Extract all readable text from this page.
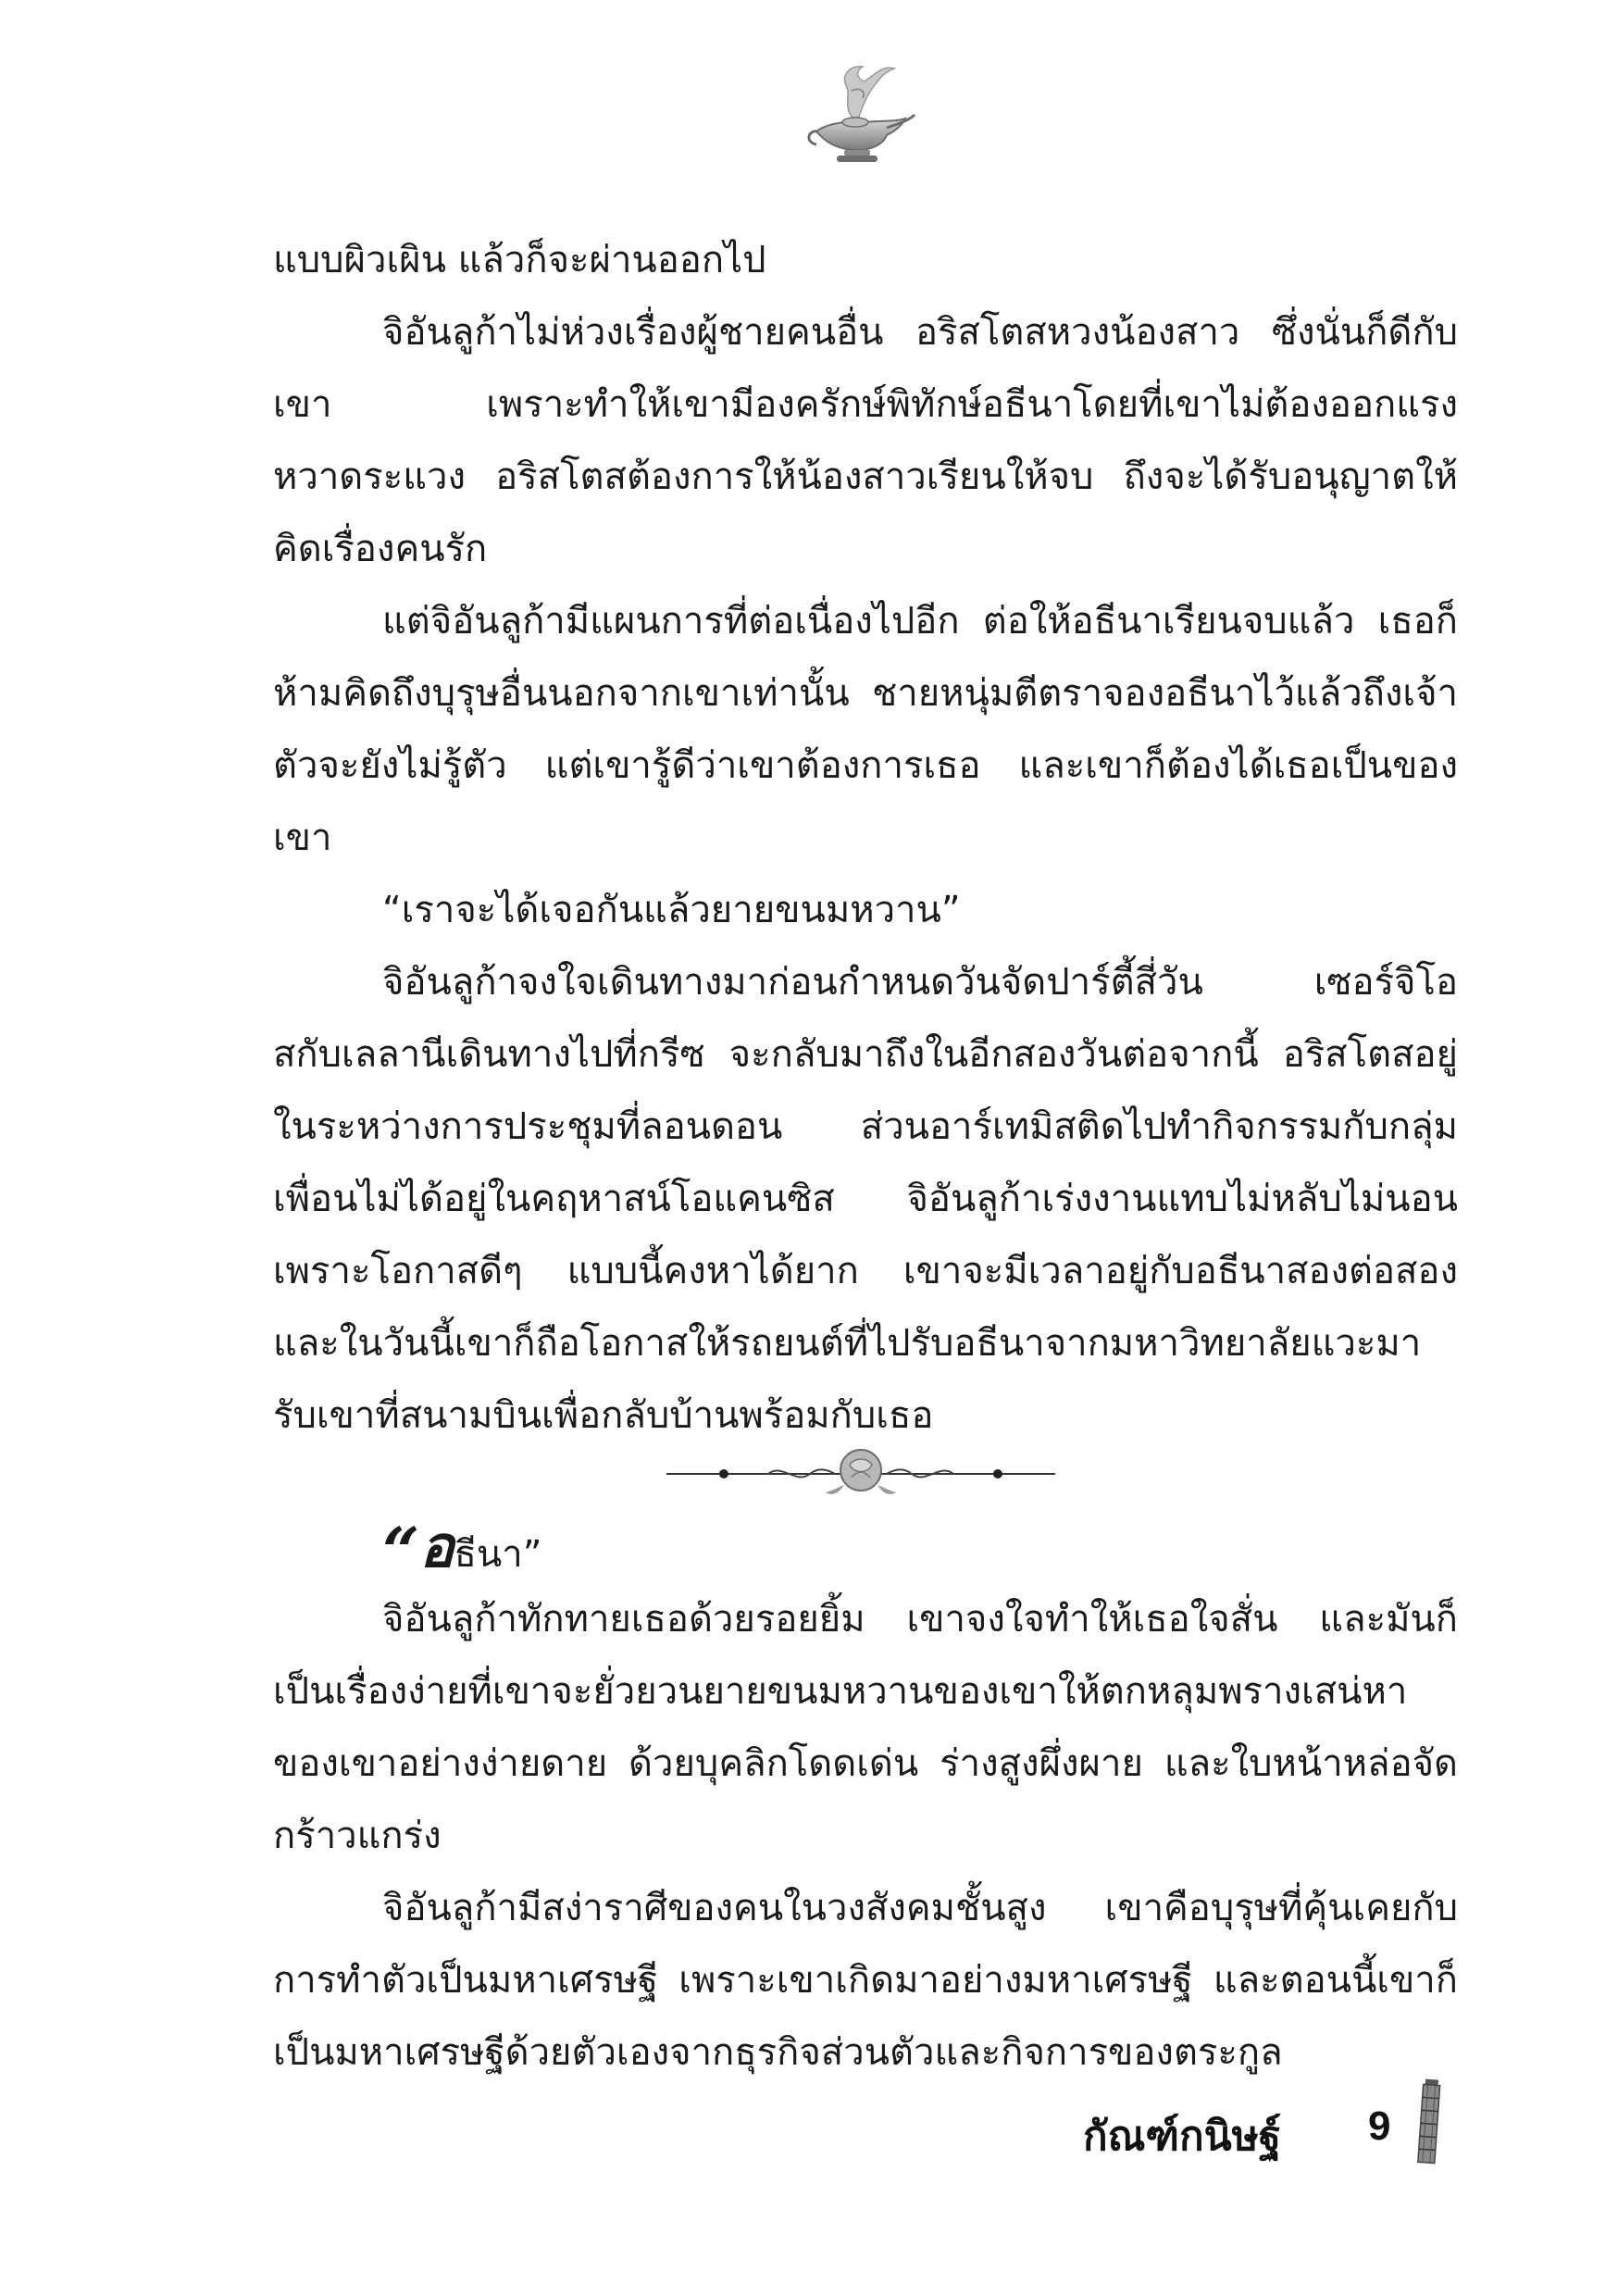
แบบผิวเผิน แล้วก็จะผ่านออกไป

จิอันลูก้าไม่ห่วงเรื่องผู้ชายคนอื่น อริสโตสหวงน้องสาว ซึ่งนั่นก็ดีกับเขา เพราะทำให้เขามีองครักษ์พิทักษ์อธีนาโดยที่เขาไม่ต้องออกแรงหวาดระแวง อริสโตสต้องการให้น้องสาวเรียนให้จบ ถึงจะได้รับอนุญาตให้คิดเรื่องคนรัก

แต่จิอันลูก้ามีแผนการที่ต่อเนื่องไปอีก ต่อให้อธีนาเรียนจบแล้ว เธอก็ห้ามคิดถึงบุรุษอื่นนอกจากเขาเท่านั้น ชายหนุ่มตีตราจองอธีนาไว้แล้วถึงเจ้าตัวจะยังไม่รู้ตัว แต่เขารู้ดีว่าเขาต้องการเธอ และเขาก็ต้องได้เธอเป็นของเขา

“เราจะได้เจอกันแล้วยายขนมหวาน”

จิอันลูก้าจงใจเดินทางมาก่อนกำหนดวันจัดปาร์ตี้สี่วัน เซอร์จิโอสกับเลลานีเดินทางไปที่กรีซ จะกลับมาถึงในอีกสองวันต่อจากนี้ อริสโตสอยู่ในระหว่างการประชุมที่ลอนดอน ส่วนอาร์เทมิสติดไปทำกิจกรรมกับกลุ่มเพื่อนไม่ได้อยู่ในคฤหาสน์โอแคนซิส จิอันลูก้าเร่งงานแทบไม่หลับไม่นอน เพราะโอกาสดีๆ แบบนี้คงหาได้ยาก เขาจะมีเวลาอยู่กับอธีนาสองต่อสอง และในวันนี้เขาก็ถือโอกาสให้รถยนต์ที่ไปรับอธีนาจากมหาวิทยาลัยแวะมารับเขาที่สนามบินเพื่อกลับบ้านพร้อมกับเธอ

“อธีนา”

จิอันลูก้าทักทายเธอด้วยรอยยิ้ม เขาจงใจทำให้เธอใจสั่น และมันก็เป็นเรื่องง่ายที่เขาจะยั่วยวนยายขนมหวานของเขาให้ตกหลุมพรางเสน่หาของเขาอย่างง่ายดาย ด้วยบุคลิกโดดเด่น ร่างสูงผึ่งผาย และใบหน้าหล่อจัดกร้าวแกร่ง

จิอันลูก้ามีสง่าราศีของคนในวงสังคมชั้นสูง เขาคือบุรุษที่คุ้นเคยกับการทำตัวเป็นมหาเศรษฐี เพราะเขาเกิดมาอย่างมหาเศรษฐี และตอนนี้เขาก็เป็นมหาเศรษฐีด้วยตัวเองจากธุรกิจส่วนตัวและกิจการของตระกูล

กัณฑ์กนิษฐ์ 9
